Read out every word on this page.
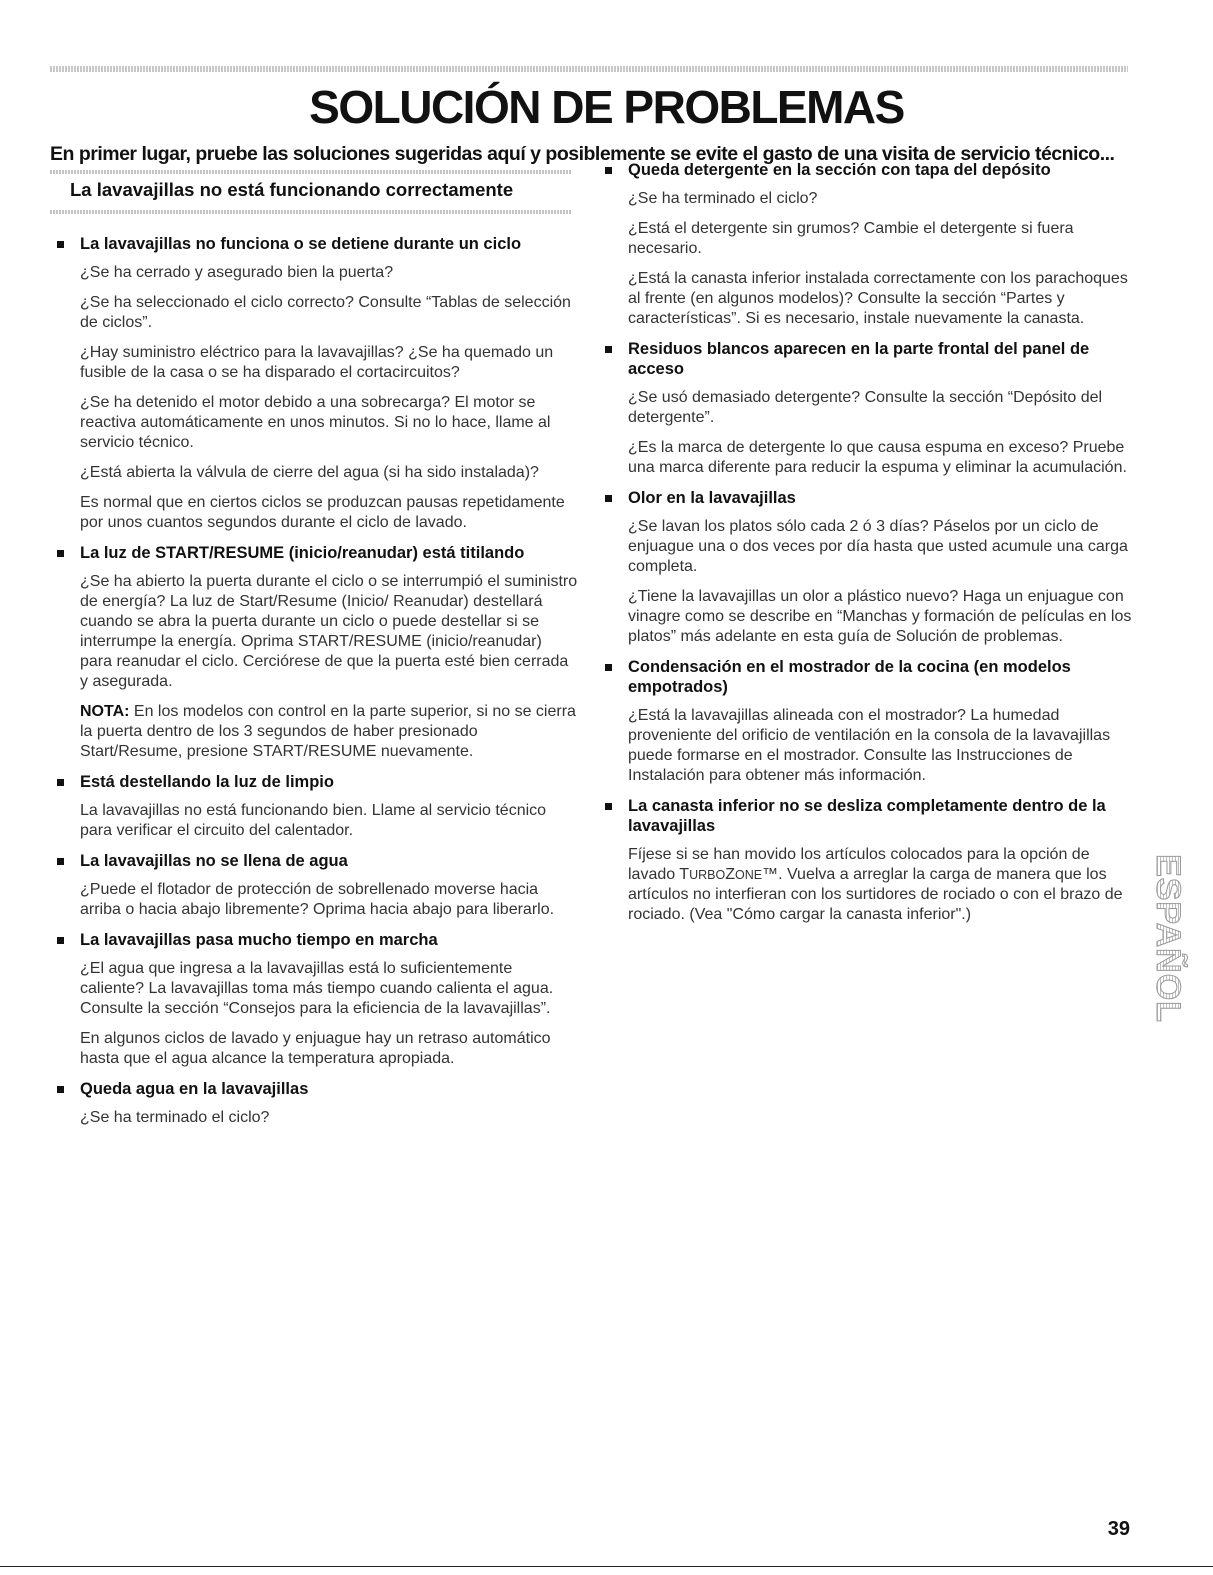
SOLUCIÓN DE PROBLEMAS

En primer lugar, pruebe las soluciones sugeridas aquí y posiblemente se evite el gasto de una visita de servicio técnico...

La lavavajillas no está funcionando correctamente

La lavavajillas no funciona o se detiene durante un ciclo

¿Se ha cerrado y asegurado bien la puerta?

¿Se ha seleccionado el ciclo correcto? Consulte “Tablas de selección de ciclos”.

¿Hay suministro eléctrico para la lavavajillas? ¿Se ha quemado un fusible de la casa o se ha disparado el cortacircuitos?

¿Se ha detenido el motor debido a una sobrecarga? El motor se reactiva automáticamente en unos minutos. Si no lo hace, llame al servicio técnico.

¿Está abierta la válvula de cierre del agua (si ha sido instalada)?

Es normal que en ciertos ciclos se produzcan pausas repetidamente por unos cuantos segundos durante el ciclo de lavado.

La luz de START/RESUME (inicio/reanudar) está titilando

¿Se ha abierto la puerta durante el ciclo o se interrumpió el suministro de energía? La luz de Start/Resume (Inicio/ Reanudar) destellará cuando se abra la puerta durante un ciclo o puede destellar si se interrumpe la energía. Oprima START/RESUME (inicio/reanudar) para reanudar el ciclo. Cerciórese de que la puerta esté bien cerrada y asegurada.

NOTA: En los modelos con control en la parte superior, si no se cierra la puerta dentro de los 3 segundos de haber presionado Start/Resume, presione START/RESUME nuevamente.

Está destellando la luz de limpio

La lavavajillas no está funcionando bien. Llame al servicio técnico para verificar el circuito del calentador.

La lavavajillas no se llena de agua

¿Puede el flotador de protección de sobrellenado moverse hacia arriba o hacia abajo libremente? Oprima hacia abajo para liberarlo.

La lavavajillas pasa mucho tiempo en marcha

¿El agua que ingresa a la lavavajillas está lo suficientemente caliente? La lavavajillas toma más tiempo cuando calienta el agua. Consulte la sección “Consejos para la eficiencia de la lavavajillas”.

En algunos ciclos de lavado y enjuague hay un retraso automático hasta que el agua alcance la temperatura apropiada.

Queda agua en la lavavajillas

¿Se ha terminado el ciclo?

Queda detergente en la sección con tapa del depósito

¿Se ha terminado el ciclo?

¿Está el detergente sin grumos? Cambie el detergente si fuera necesario.

¿Está la canasta inferior instalada correctamente con los parachoques al frente (en algunos modelos)? Consulte la sección “Partes y características”. Si es necesario, instale nuevamente la canasta.

Residuos blancos aparecen en la parte frontal del panel de acceso

¿Se usó demasiado detergente? Consulte la sección “Depósito del detergente”.

¿Es la marca de detergente lo que causa espuma en exceso? Pruebe una marca diferente para reducir la espuma y eliminar la acumulación.

Olor en la lavavajillas

¿Se lavan los platos sólo cada 2 ó 3 días? Páselos por un ciclo de enjuague una o dos veces por día hasta que usted acumule una carga completa.

¿Tiene la lavavajillas un olor a plástico nuevo? Haga un enjuague con vinagre como se describe en “Manchas y formación de películas en los platos” más adelante en esta guía de Solución de problemas.

Condensación en el mostrador de la cocina (en modelos empotrados)

¿Está la lavavajillas alineada con el mostrador? La humedad proveniente del orificio de ventilación en la consola de la lavavajillas puede formarse en el mostrador. Consulte las Instrucciones de Instalación para obtener más información.

La canasta inferior no se desliza completamente dentro de la lavavajillas

Fíjese si se han movido los artículos colocados para la opción de lavado TURBOZONE™. Vuelva a arreglar la carga de manera que los artículos no interfieran con los surtidores de rociado o con el brazo de rociado. (Vea "Cómo cargar la canasta inferior".)	ESPAÑOL
39
